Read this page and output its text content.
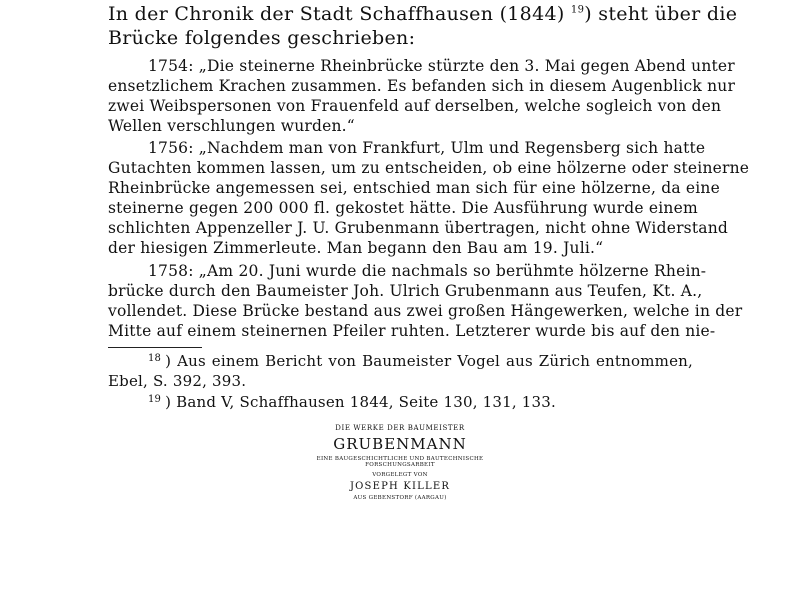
In der Chronik der Stadt Schaffhausen (1844) $^{19}$) steht über die
Brücke folgendes geschrieben:
1754: „Die steinerne Rheinbrücke stürzte den 3. Mai gegen Abend unter
ensetzlichem Krachen zusammen. Es befanden sich in diesem Augenblick nur
zwei Weibspersonen von Frauenfeld auf derselben, welche sogleich von den
Wellen verschlungen wurden.“
1756: „Nachdem man von Frankfurt, Ulm und Regensberg sich hatte
Gutachten kommen lassen, um zu entscheiden, ob eine hölzerne oder steinerne
Rheinbrücke angemessen sei, entschied man sich für eine hölzerne, da eine
steinerne gegen 200 000 fl. gekostet hätte. Die Ausführung wurde einem
schlichten Appenzeller J. U. Grubenmann übertragen, nicht ohne Widerstand
der hiesigen Zimmerleute. Man begann den Bau am 19. Juli.“
1758: „Am 20. Juni wurde die nachmals so berühmte hölzerne Rhein-
brücke durch den Baumeister Joh. Ulrich Grubenmann aus Teufen, Kt. A.,
vollendet. Diese Brücke bestand aus zwei großen Hängewerken, welche in der
Mitte auf einem steinernen Pfeiler ruhten. Letzterer wurde bis auf den nie-
$^{18}$ ) Aus einem Bericht von Baumeister Vogel aus Zürich entnommen,
Ebel, S. 392, 393.
$^{19}$ ) Band V, Schaffhausen 1844, Seite 130, 131, 133.
DIE WERKE DER BAUMEISTER
GRUBENMANN
EINE BAUGESCHICHTLICHE UND BAUTECHNISCHE
FORSCHUNGSARBEIT
VORGELEGT VON
JOSEPH KILLER
AUS GEBENSTORF (AARGAU)
